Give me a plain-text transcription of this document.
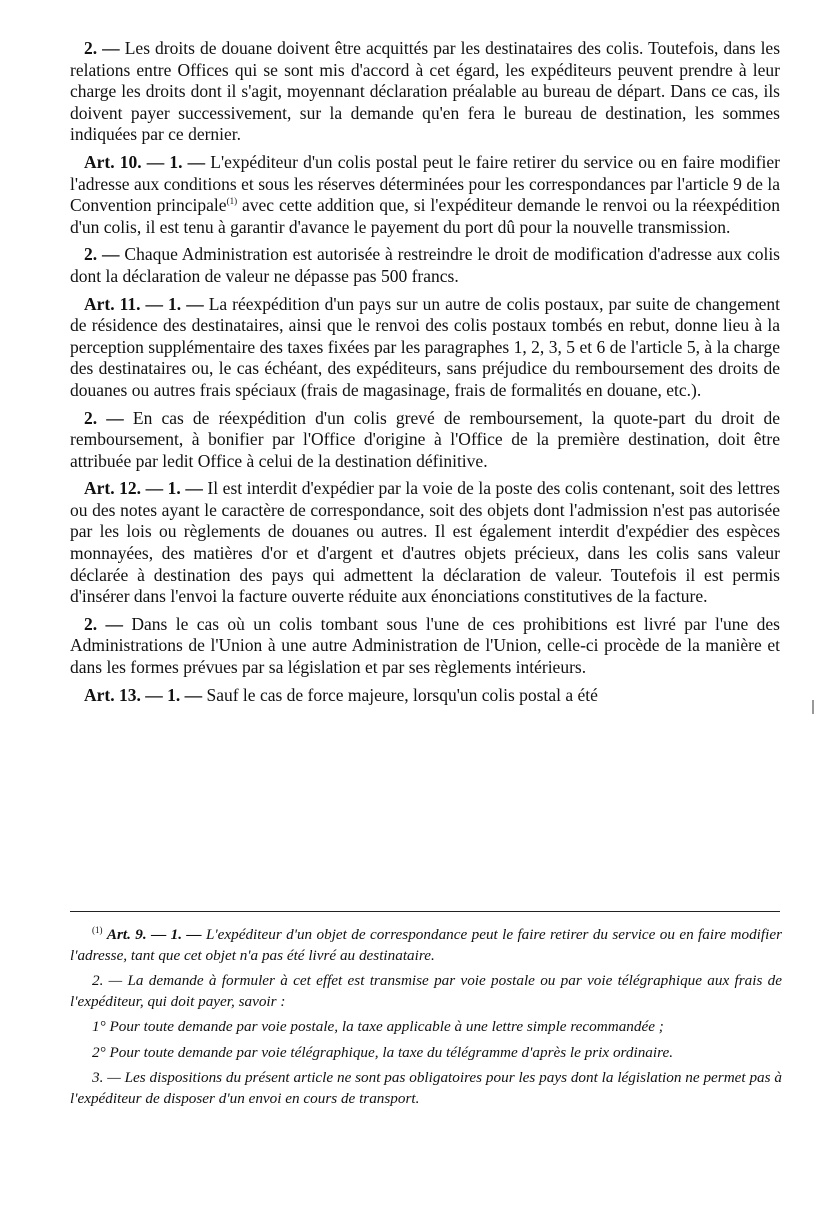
2. — Les droits de douane doivent être acquittés par les destinataires des colis. Toutefois, dans les relations entre Offices qui se sont mis d'accord à cet égard, les expéditeurs peuvent prendre à leur charge les droits dont il s'agit, moyennant déclaration préalable au bureau de départ. Dans ce cas, ils doivent payer successivement, sur la demande qu'en fera le bureau de destination, les sommes indiquées par ce dernier.

Art. 10. — 1. — L'expéditeur d'un colis postal peut le faire retirer du service ou en faire modifier l'adresse aux conditions et sous les réserves déterminées pour les correspondances par l'article 9 de la Convention principale$^{(1)}$ avec cette addition que, si l'expéditeur demande le renvoi ou la réexpédition d'un colis, il est tenu à garantir d'avance le payement du port dû pour la nouvelle transmission.

2. — Chaque Administration est autorisée à restreindre le droit de modification d'adresse aux colis dont la déclaration de valeur ne dépasse pas 500 francs.

Art. 11. — 1. — La réexpédition d'un pays sur un autre de colis postaux, par suite de changement de résidence des destinataires, ainsi que le renvoi des colis postaux tombés en rebut, donne lieu à la perception supplémentaire des taxes fixées par les paragraphes 1, 2, 3, 5 et 6 de l'article 5, à la charge des destinataires ou, le cas échéant, des expéditeurs, sans préjudice du remboursement des droits de douanes ou autres frais spéciaux (frais de magasinage, frais de formalités en douane, etc.).

2. — En cas de réexpédition d'un colis grevé de remboursement, la quote-part du droit de remboursement, à bonifier par l'Office d'origine à l'Office de la première destination, doit être attribuée par ledit Office à celui de la destination définitive.

Art. 12. — 1. — Il est interdit d'expédier par la voie de la poste des colis contenant, soit des lettres ou des notes ayant le caractère de correspondance, soit des objets dont l'admission n'est pas autorisée par les lois ou règlements de douanes ou autres. Il est également interdit d'expédier des espèces monnayées, des matières d'or et d'argent et d'autres objets précieux, dans les colis sans valeur déclarée à destination des pays qui admettent la déclaration de valeur. Toutefois il est permis d'insérer dans l'envoi la facture ouverte réduite aux énonciations constitutives de la facture.

2. — Dans le cas où un colis tombant sous l'une de ces prohibitions est livré par l'une des Administrations de l'Union à une autre Administration de l'Union, celle-ci procède de la manière et dans les formes prévues par sa législation et par ses règlements intérieurs.

Art. 13. — 1. — Sauf le cas de force majeure, lorsqu'un colis postal a été

$^{(1)}$ Art. 9. — 1. — L'expéditeur d'un objet de correspondance peut le faire retirer du service ou en faire modifier l'adresse, tant que cet objet n'a pas été livré au destinataire.

2. — La demande à formuler à cet effet est transmise par voie postale ou par voie télégraphique aux frais de l'expéditeur, qui doit payer, savoir :

1° Pour toute demande par voie postale, la taxe applicable à une lettre simple recommandée ;

2° Pour toute demande par voie télégraphique, la taxe du télégramme d'après le prix ordinaire.

3. — Les dispositions du présent article ne sont pas obligatoires pour les pays dont la législation ne permet pas à l'expéditeur de disposer d'un envoi en cours de transport.
